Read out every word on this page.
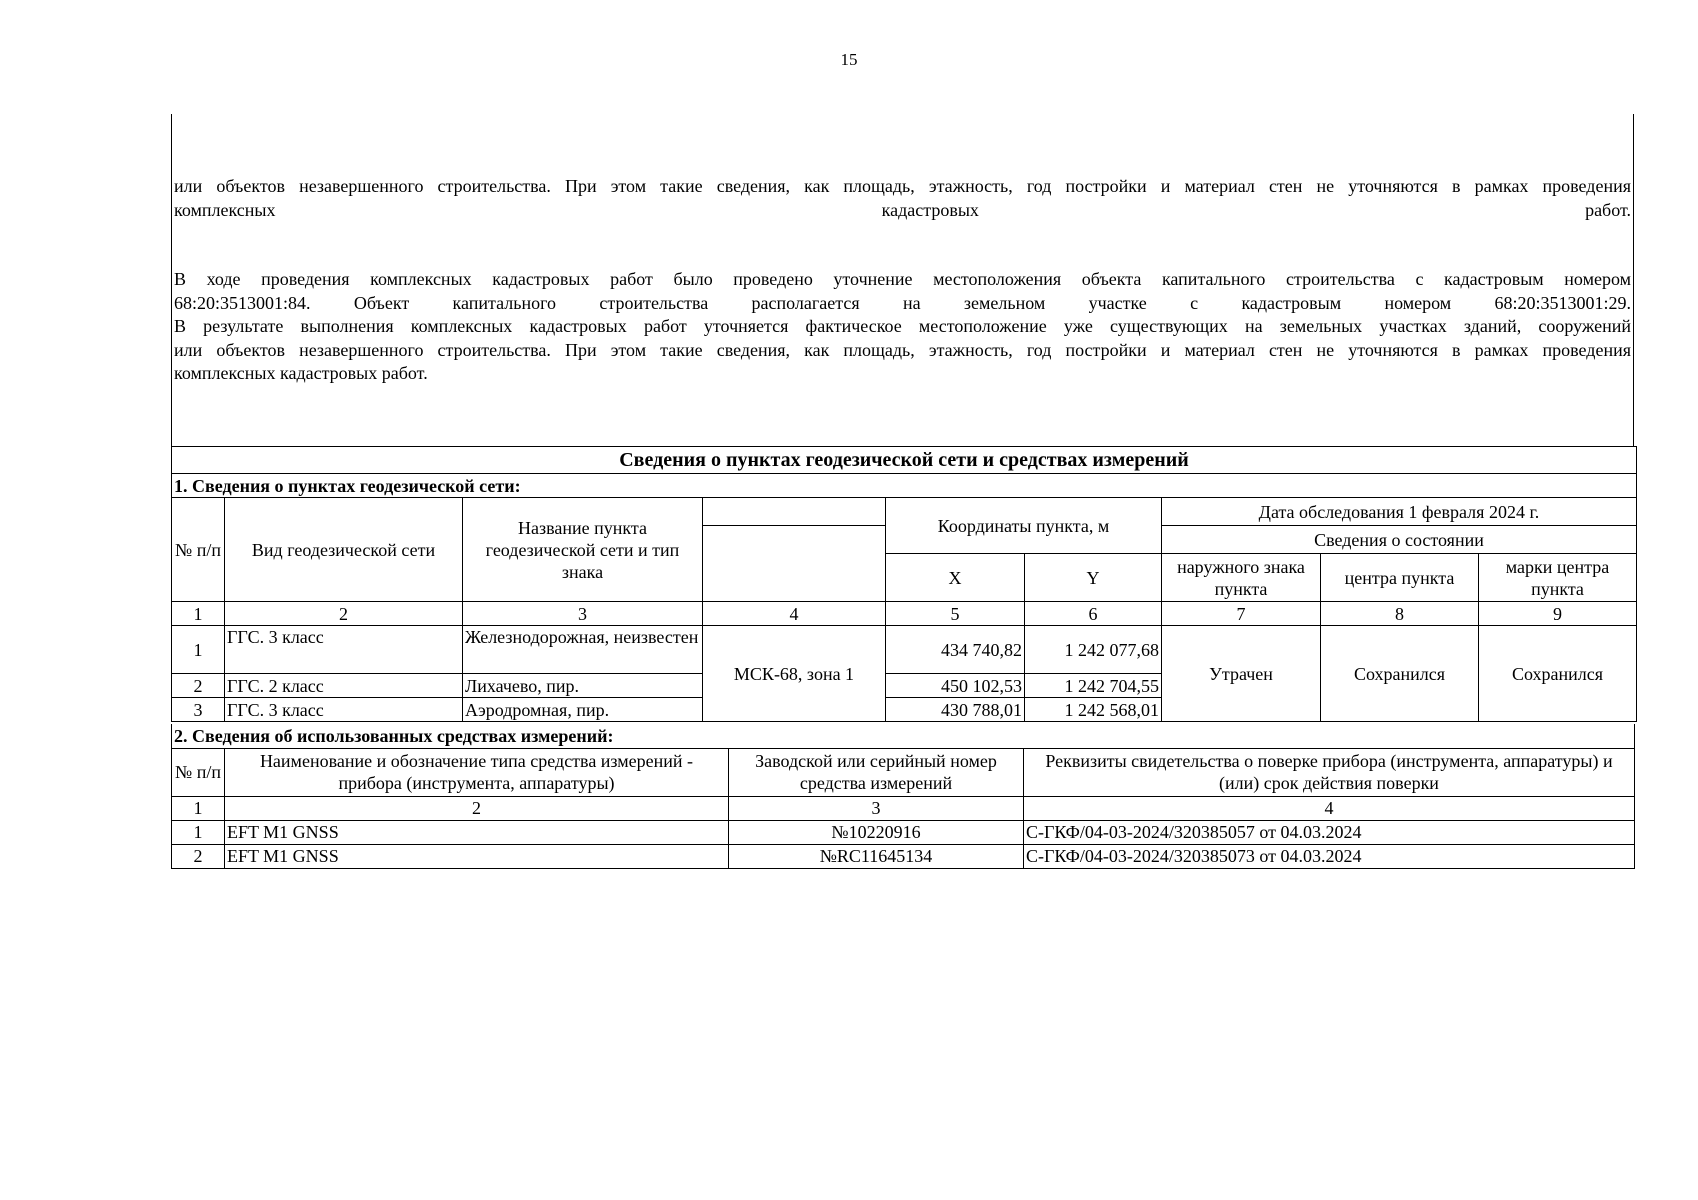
15
или объектов незавершенного строительства. При этом такие сведения, как площадь, этажность, год постройки и материал стен не уточняются в рамках проведения
комплексных кадастровых работ.
В ходе проведения комплексных кадастровых работ было проведено уточнение местоположения объекта капитального строительства с кадастровым номером
68:20:3513001:84. Объект капитального строительства располагается на земельном участке с кадастровым номером 68:20:3513001:29.
В результате выполнения комплексных кадастровых работ уточняется фактическое местоположение уже существующих на земельных участках зданий, сооружений
или объектов незавершенного строительства. При этом такие сведения, как площадь, этажность, год постройки и материал стен не уточняются в рамках проведения
комплексных кадастровых работ.
Сведения о пунктах геодезической сети и средствах измерений								
1. Сведения о пунктах геодезической сети:								
№ п/п	Вид геодезической сети	Название пункта геодезической сети и тип знака		Координаты пункта, м		Дата обследования 1 февраля 2024 г.		
						Сведения о состоянии		
				X	Y	наружного знака пункта	центра пункта	марки центра пункта
1	2	3	4	5	6	7	8	9
1	ГГС. 3 класс	Железнодорожная, неизвестен	МСК-68, зона 1	434 740,82	1 242 077,68	Утрачен	Сохранился	Сохранился
2	ГГС. 2 класс	Лихачево, пир.		450 102,53	1 242 704,55			
3	ГГС. 3 класс	Аэродромная, пир.		430 788,01	1 242 568,01			
2. Сведения об использованных средствах измерений:			
№ п/п	Наименование и обозначение типа средства измерений - прибора (инструмента, аппаратуры)	Заводской или серийный номер средства измерений	Реквизиты свидетельства о поверке прибора (инструмента, аппаратуры) и (или) срок действия поверки
1	2	3	4
1	EFT M1 GNSS	№10220916	С-ГКФ/04-03-2024/320385057 от 04.03.2024
2	EFT M1 GNSS	№RC11645134	С-ГКФ/04-03-2024/320385073 от 04.03.2024
